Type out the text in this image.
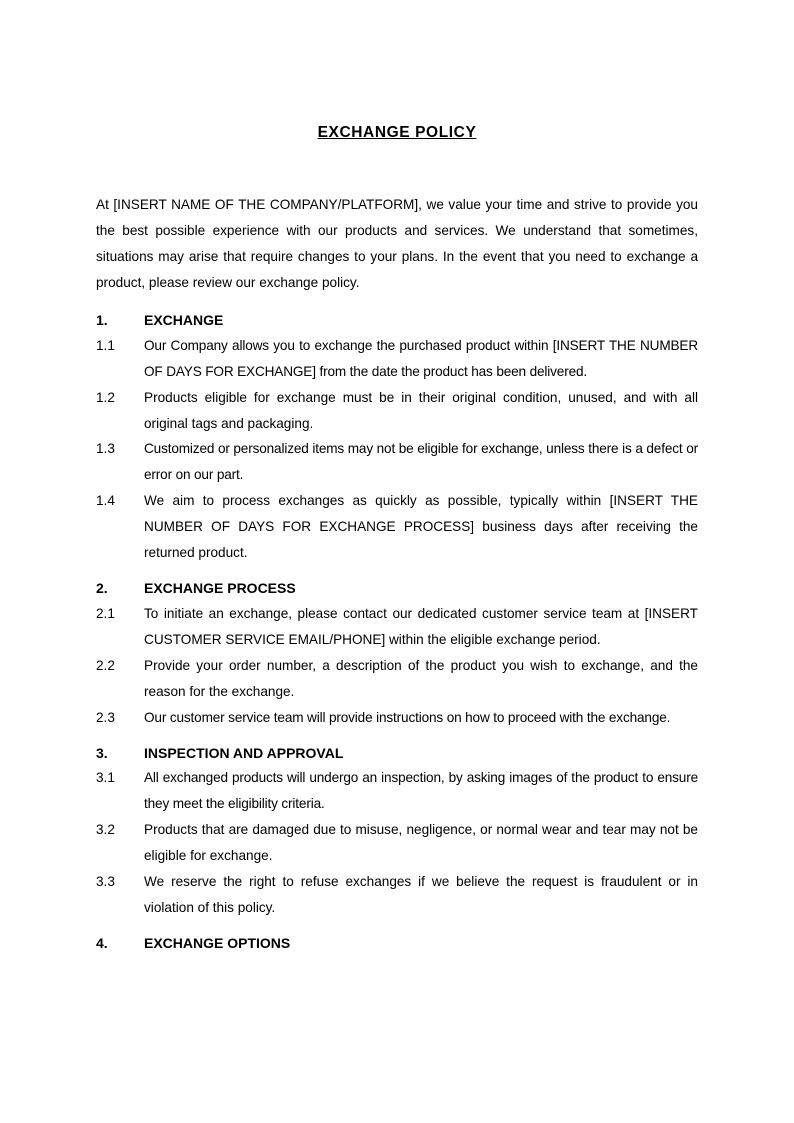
EXCHANGE POLICY

At [INSERT NAME OF THE COMPANY/PLATFORM], we value your time and strive to provide you the best possible experience with our products and services. We understand that sometimes, situations may arise that require changes to your plans. In the event that you need to exchange a product, please review our exchange policy.

1.	EXCHANGE
1.1	Our Company allows you to exchange the purchased product within [INSERT THE NUMBER OF DAYS FOR EXCHANGE] from the date the product has been delivered.
1.2	Products eligible for exchange must be in their original condition, unused, and with all original tags and packaging.
1.3	Customized or personalized items may not be eligible for exchange, unless there is a defect or error on our part.
1.4	We aim to process exchanges as quickly as possible, typically within [INSERT THE NUMBER OF DAYS FOR EXCHANGE PROCESS] business days after receiving the returned product.
2.	EXCHANGE PROCESS
2.1	To initiate an exchange, please contact our dedicated customer service team at [INSERT CUSTOMER SERVICE EMAIL/PHONE] within the eligible exchange period.
2.2	Provide your order number, a description of the product you wish to exchange, and the reason for the exchange.
2.3	Our customer service team will provide instructions on how to proceed with the exchange.
3.	INSPECTION AND APPROVAL
3.1	All exchanged products will undergo an inspection, by asking images of the product to ensure they meet the eligibility criteria.
3.2	Products that are damaged due to misuse, negligence, or normal wear and tear may not be eligible for exchange.
3.3	We reserve the right to refuse exchanges if we believe the request is fraudulent or in violation of this policy.
4.	EXCHANGE OPTIONS
